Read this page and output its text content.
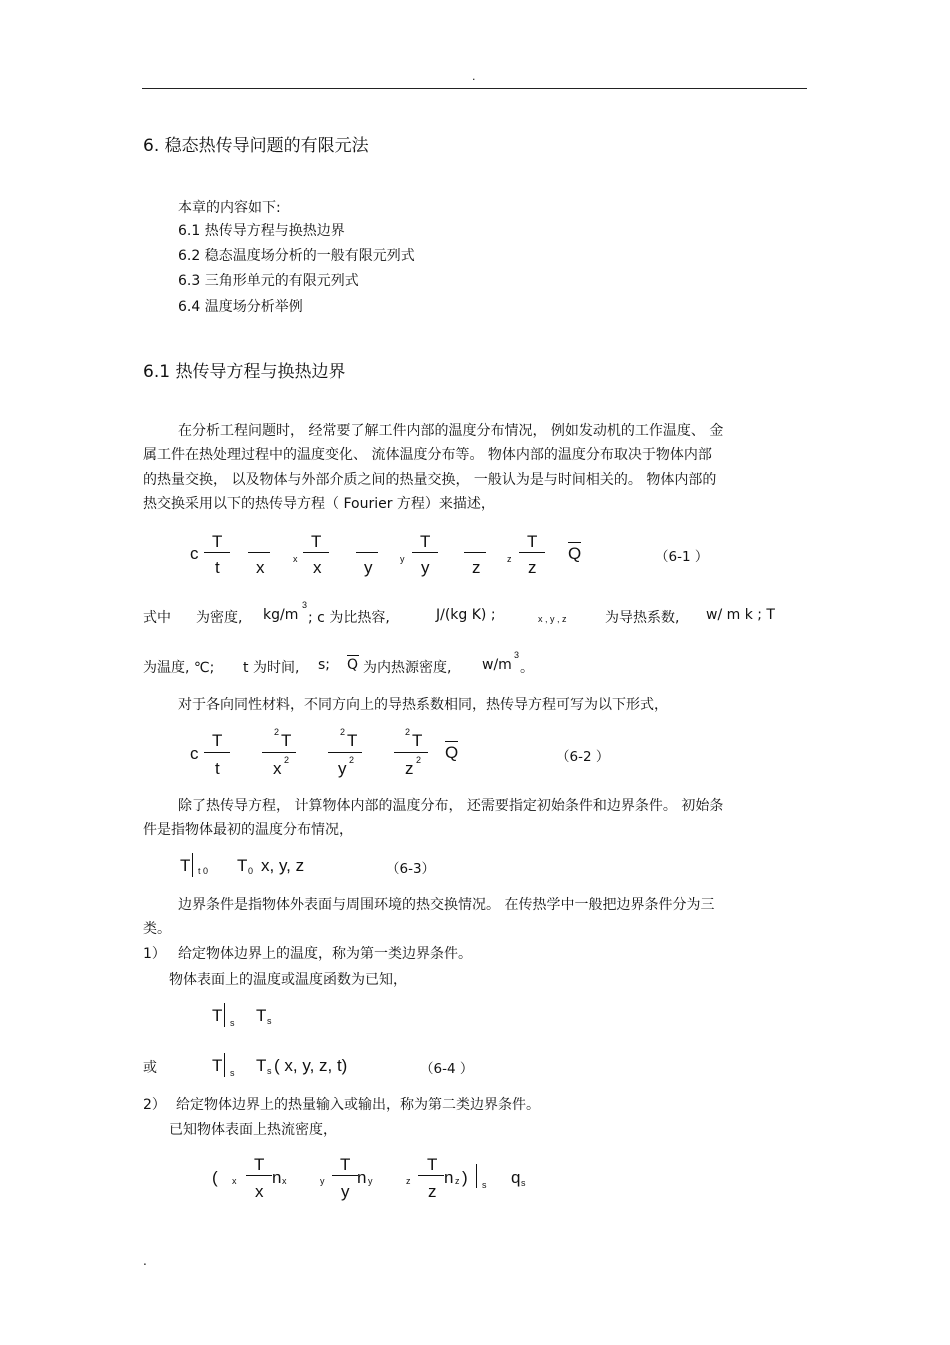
.
6. 稳态热传导问题的有限元法
本章的内容如下:
6.1 热传导方程与换热边界
6.2 稳态温度场分析的一般有限元列式
6.3 三角形单元的有限元列式
6.4 温度场分析举例
6.1 热传导方程与换热边界
在分析工程问题时， 经常要了解工件内部的温度分布情况， 例如发动机的工作温度、 金
属工件在热处理过程中的温度变化、 流体温度分布等。 物体内部的温度分布取决于物体内部
的热量交换， 以及物体与外部介质之间的热量交换， 一般认为是与时间相关的。 物体内部的
热交换采用以下的热传导方程（ Fourier 方程）来描述，
c
T
t x	x
T
x	y	y
T
y	z	z
T
z
Q	（6-1 ）
式中 为密度, kg/m
3
; c 为比热容,	J/(kg K) ;	x , y , z	为导热系数, w/ m k ; T
为温度, ℃; t 为时间, s; Q 为内热源密度, w/m
3
。
对于各向同性材料，不同方向上的导热系数相同，热传导方程可写为以下形式，
c
T
t
2 T
x 2
2 T
y 2
2 T
z 2 Q	（6-2 ）
除了热传导方程， 计算物体内部的温度分布， 还需要指定初始条件和边界条件。 初始条
件是指物体最初的温度分布情况，
T t 0 T 0 x, y, z	（6-3）
边界条件是指物体外表面与周围环境的热交换情况。 在传热学中一般把边界条件分为三
类。
1） 给定物体边界上的温度，称为第一类边界条件。
物体表面上的温度或温度函数为已知，
T s T s
或	T s T s ( x, y, z, t)	（6-4 ）
2） 给定物体边界上的热量输入或输出，称为第二类边界条件。
已知物体表面上热流密度，
( x
T
x
n x	y
T
y
n y	z
T
z
n z ) s q s
.
